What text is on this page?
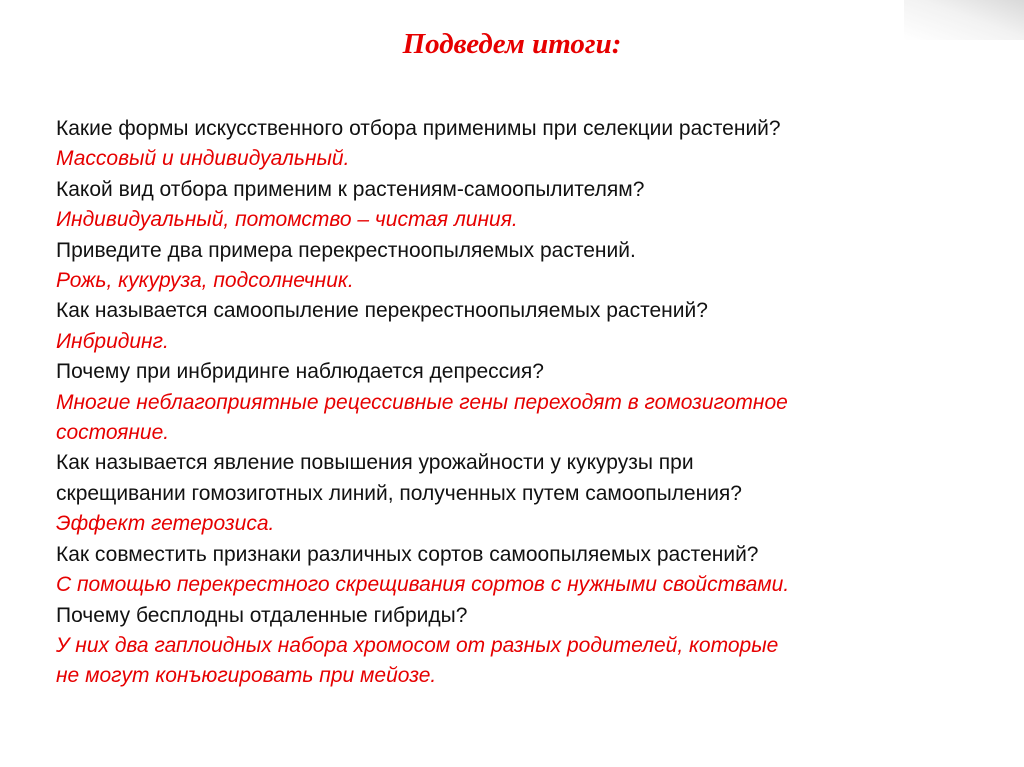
Подведем итоги:
Какие формы искусственного отбора применимы при селекции растений?
Массовый и индивидуальный.
Какой вид отбора применим к растениям-самоопылителям?
Индивидуальный, потомство – чистая линия.
Приведите два примера перекрестноопыляемых растений.
Рожь, кукуруза, подсолнечник.
Как называется самоопыление перекрестноопыляемых растений?
Инбридинг.
Почему при инбридинге наблюдается депрессия?
Многие неблагоприятные рецессивные гены переходят в гомозиготное
состояние.
Как называется явление повышения урожайности у кукурузы при
скрещивании гомозиготных линий, полученных путем самоопыления?
Эффект гетерозиса.
Как совместить признаки различных сортов самоопыляемых растений?
С помощью перекрестного скрещивания сортов с нужными свойствами.
Почему бесплодны отдаленные гибриды?
У них два гаплоидных набора хромосом от разных родителей, которые
не могут конъюгировать при мейозе.
